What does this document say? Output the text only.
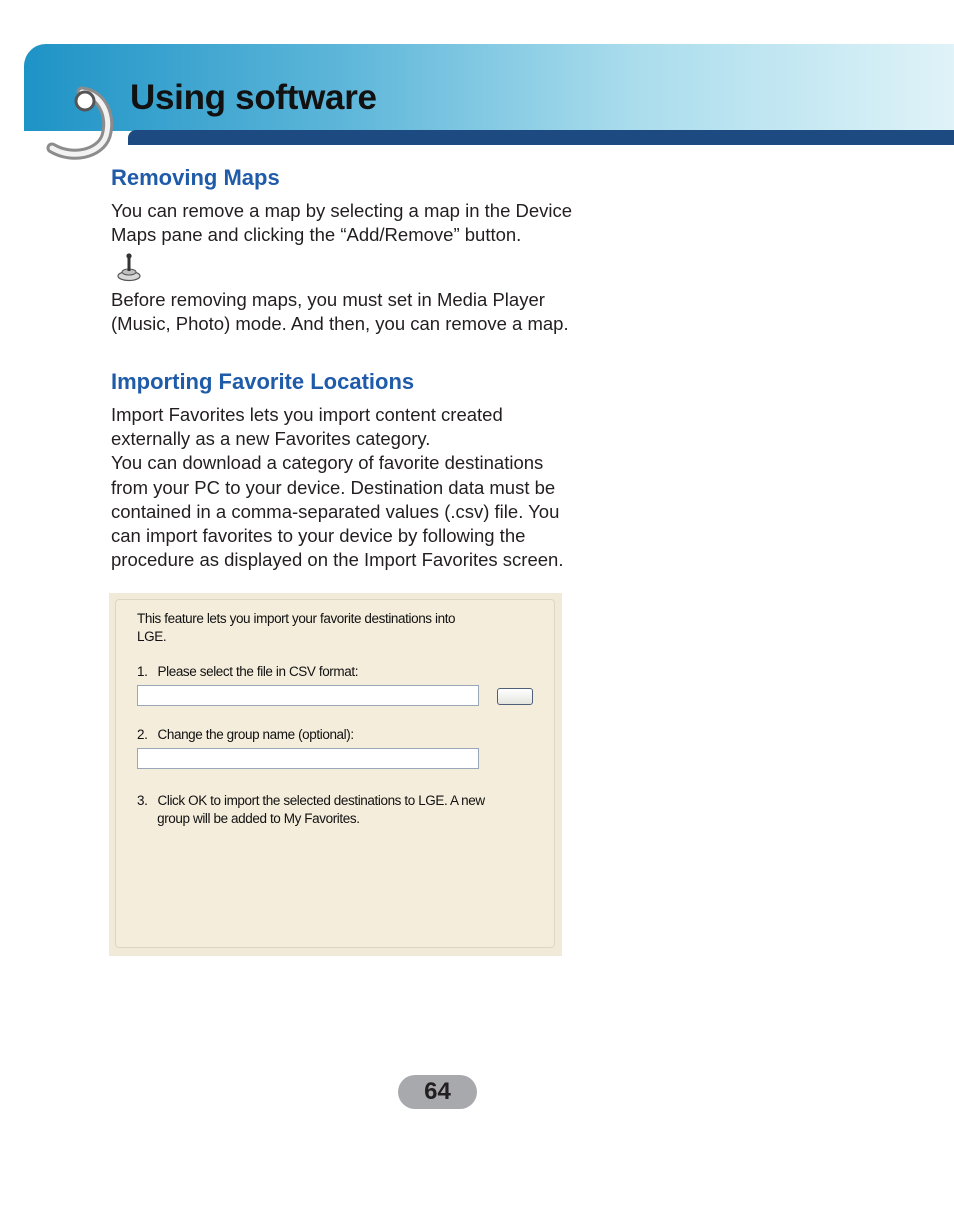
Using software
Removing Maps

You can remove a map by selecting a map in the Device
Maps pane and clicking the “Add/Remove” button.

Before removing maps, you must set in Media Player
(Music, Photo) mode. And then, you can remove a map.

Importing Favorite Locations

Import Favorites lets you import content created
externally as a new Favorites category.
You can download a category of favorite destinations
from your PC to your device. Destination data must be
contained in a comma-separated values (.csv) file. You
can import favorites to your device by following the
procedure as displayed on the Import Favorites screen.

This feature lets you import your favorite destinations into
LGE.

1.   Please select the file in CSV format:

2.   Change the group name (optional):

3.   Click OK to import the selected destinations to LGE. A new
group will be added to My Favorites.

64
